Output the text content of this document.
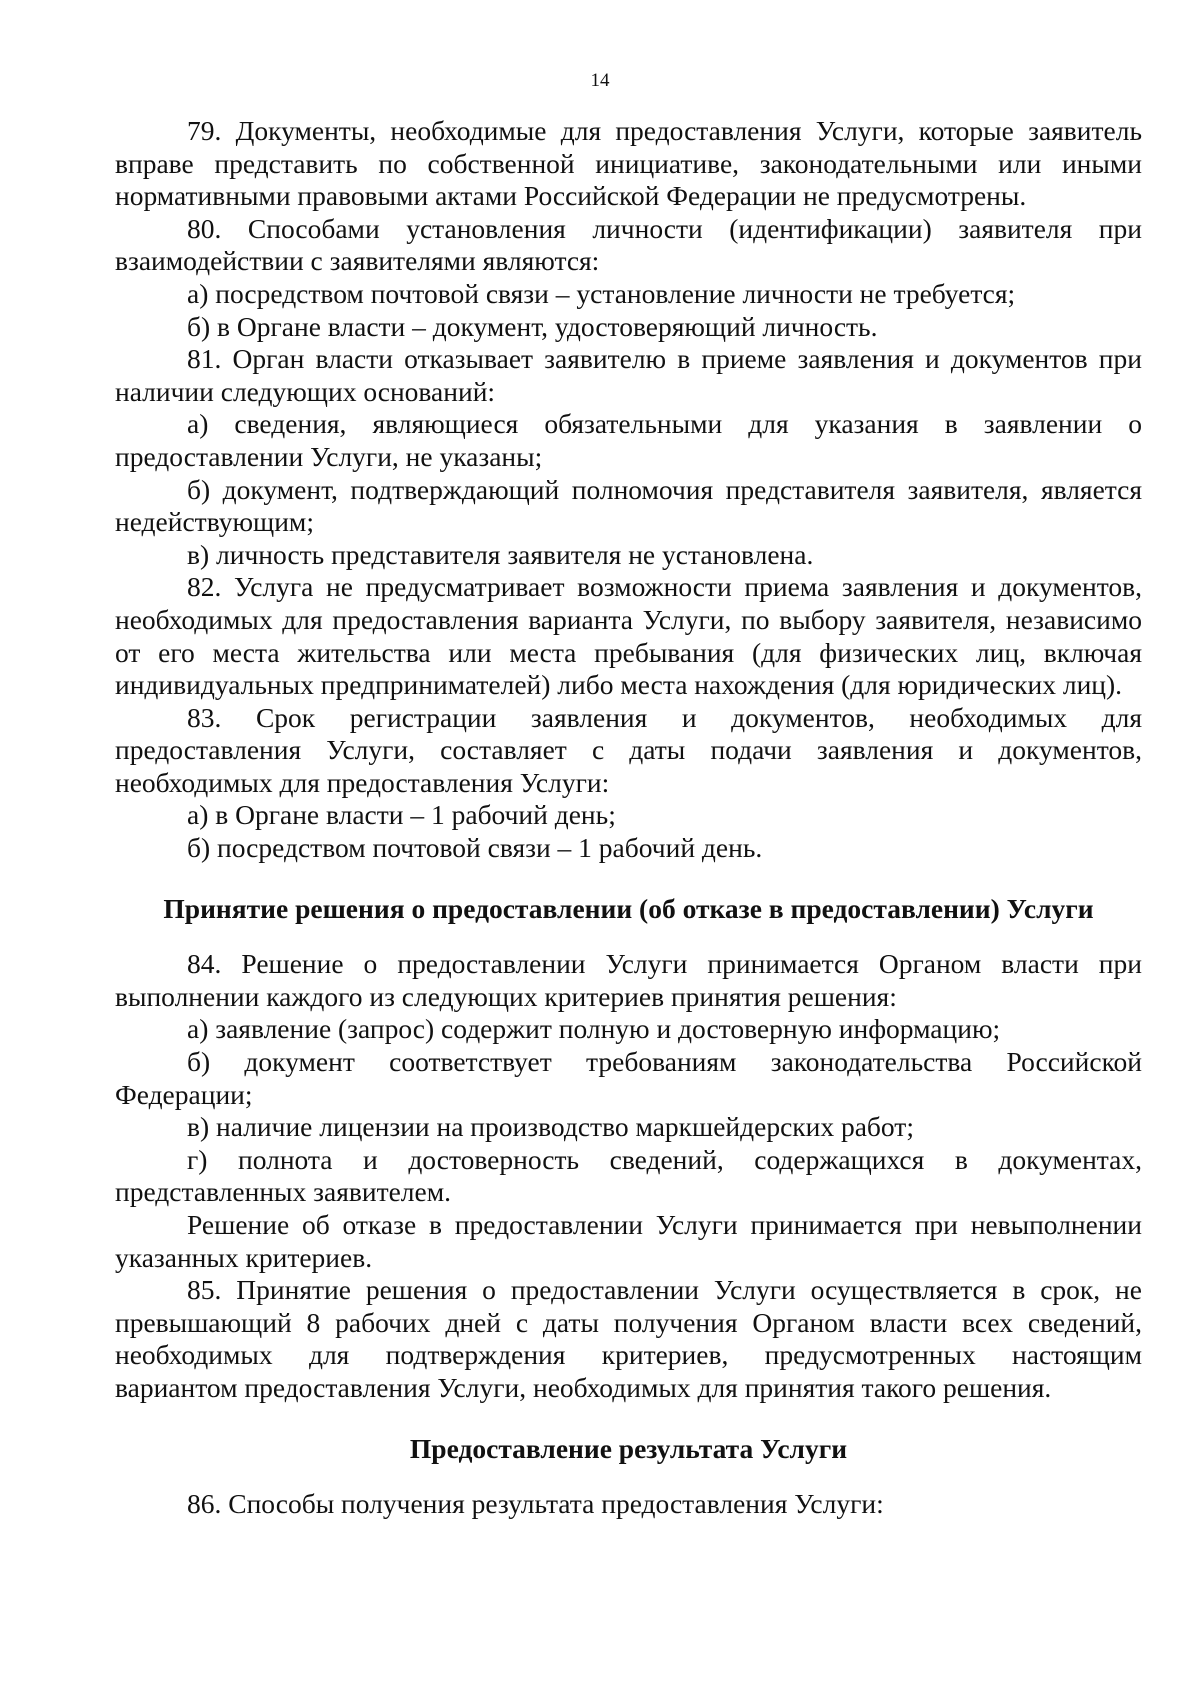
14

79. Документы, необходимые для предоставления Услуги, которые заявитель
вправе представить по собственной инициативе, законодательными или иными
нормативными правовыми актами Российской Федерации не предусмотрены.

80. Способами установления личности (идентификации) заявителя при
взаимодействии с заявителями являются:

а) посредством почтовой связи – установление личности не требуется;

б) в Органе власти – документ, удостоверяющий личность.

81. Орган власти отказывает заявителю в приеме заявления и документов при
наличии следующих оснований:

а) сведения, являющиеся обязательными для указания в заявлении о
предоставлении Услуги, не указаны;

б) документ, подтверждающий полномочия представителя заявителя, является
недействующим;

в) личность представителя заявителя не установлена.

82. Услуга не предусматривает возможности приема заявления и документов,
необходимых для предоставления варианта Услуги, по выбору заявителя, независимо
от его места жительства или места пребывания (для физических лиц, включая
индивидуальных предпринимателей) либо места нахождения (для юридических лиц).

83. Срок регистрации заявления и документов, необходимых для
предоставления Услуги, составляет с даты подачи заявления и документов,
необходимых для предоставления Услуги:

а) в Органе власти – 1 рабочий день;

б) посредством почтовой связи – 1 рабочий день.

Принятие решения о предоставлении (об отказе в предоставлении) Услуги

84. Решение о предоставлении Услуги принимается Органом власти при
выполнении каждого из следующих критериев принятия решения:

а) заявление (запрос) содержит полную и достоверную информацию;

б) документ соответствует требованиям законодательства Российской
Федерации;

в) наличие лицензии на производство маркшейдерских работ;

г) полнота и достоверность сведений, содержащихся в документах,
представленных заявителем.

Решение об отказе в предоставлении Услуги принимается при невыполнении
указанных критериев.

85. Принятие решения о предоставлении Услуги осуществляется в срок, не
превышающий 8 рабочих дней с даты получения Органом власти всех сведений,
необходимых для подтверждения критериев, предусмотренных настоящим
вариантом предоставления Услуги, необходимых для принятия такого решения.

Предоставление результата Услуги

86. Способы получения результата предоставления Услуги:
